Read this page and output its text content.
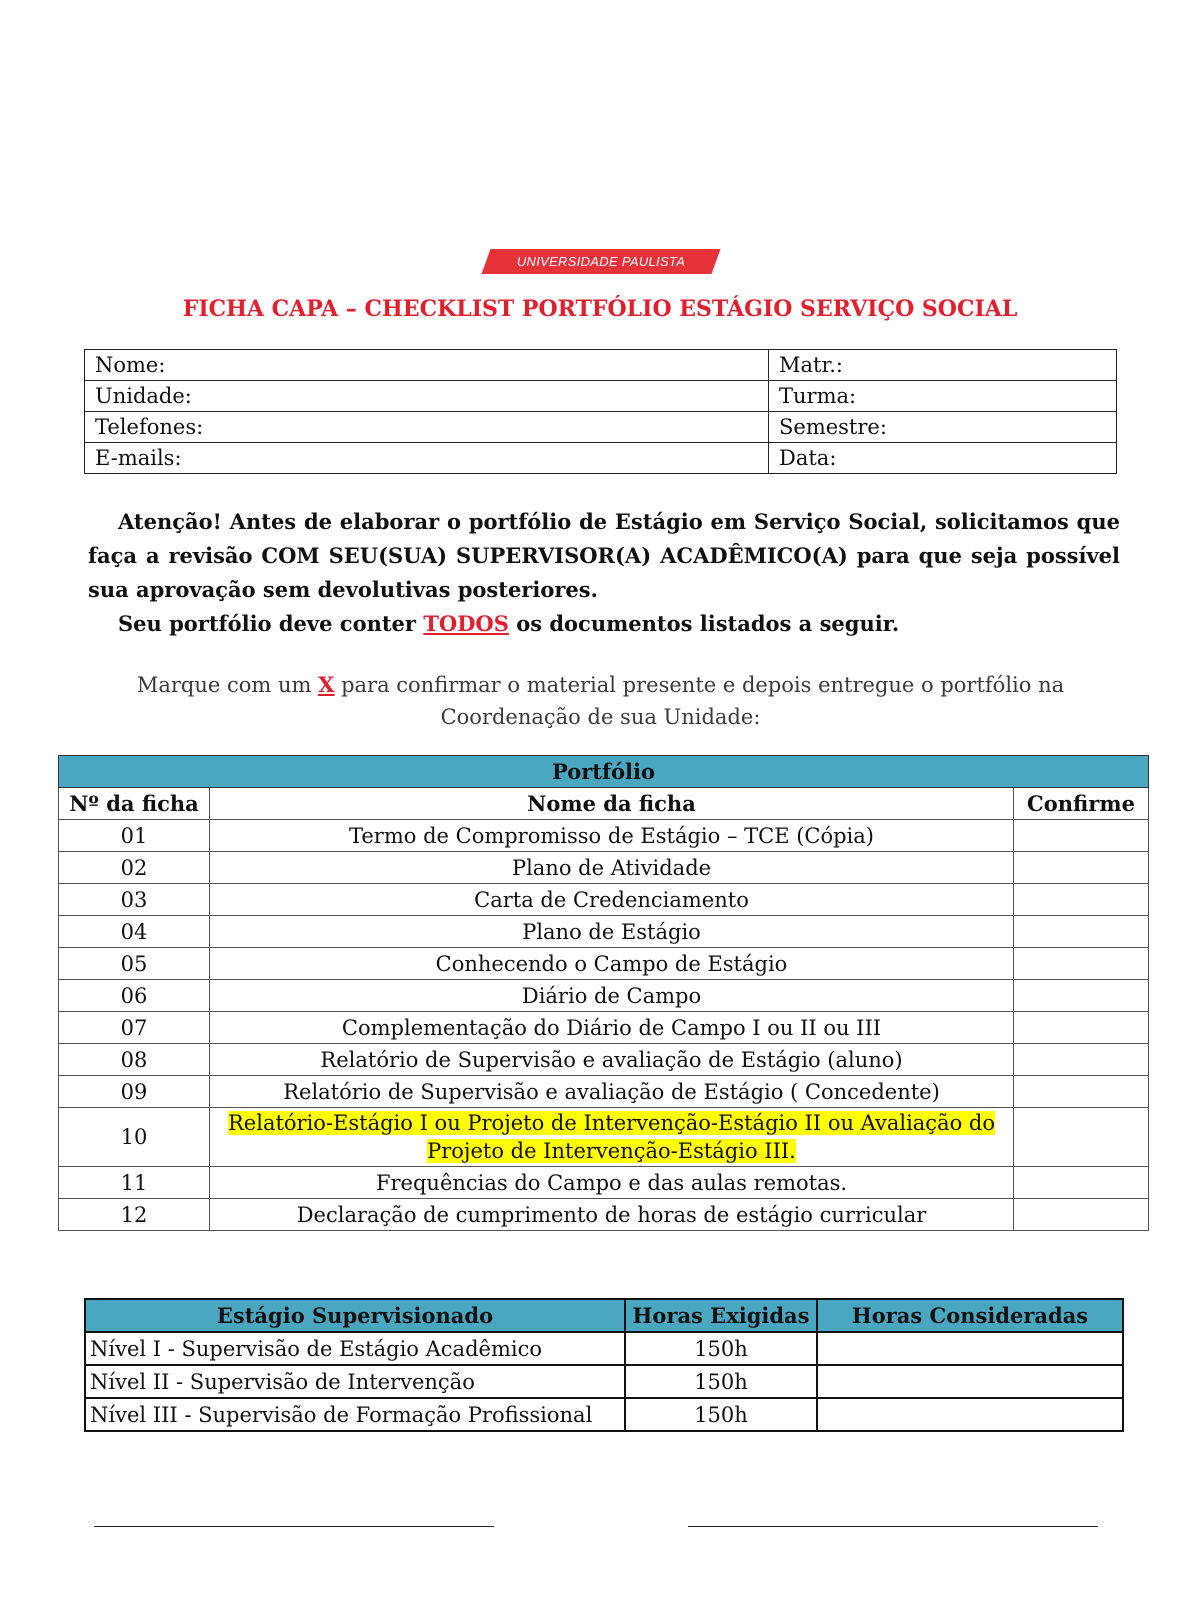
UNIVERSIDADE PAULISTA
FICHA CAPA – CHECKLIST PORTFÓLIO ESTÁGIO SERVIÇO SOCIAL
Nome:	Matr.:
Unidade:	Turma:
Telefones:	Semestre:
E-mails:	Data:
Atenção! Antes de elaborar o portfólio de Estágio em Serviço Social, solicitamos que faça a revisão COM SEU(SUA) SUPERVISOR(A) ACADÊMICO(A) para que seja possível sua aprovação sem devolutivas posteriores.
Seu portfólio deve conter TODOS os documentos listados a seguir.
Marque com um X para confirmar o material presente e depois entregue o portfólio na Coordenação de sua Unidade:
Portfólio		
Nº da ficha	Nome da ficha	Confirme
01	Termo de Compromisso de Estágio – TCE (Cópia)	
02	Plano de Atividade	
03	Carta de Credenciamento	
04	Plano de Estágio	
05	Conhecendo o Campo de Estágio	
06	Diário de Campo	
07	Complementação do Diário de Campo I ou II ou III	
08	Relatório de Supervisão e avaliação de Estágio (aluno)	
09	Relatório de Supervisão e avaliação de Estágio ( Concedente)	
10	Relatório-Estágio I ou Projeto de Intervenção-Estágio II ou Avaliação do Projeto de Intervenção-Estágio III.	
11	Frequências do Campo e das aulas remotas.	
12	Declaração de cumprimento de horas de estágio curricular	
Estágio Supervisionado	Horas Exigidas	Horas Consideradas
Nível I - Supervisão de Estágio Acadêmico	150h	
Nível II - Supervisão de Intervenção	150h	
Nível III - Supervisão de Formação Profissional	150h	
